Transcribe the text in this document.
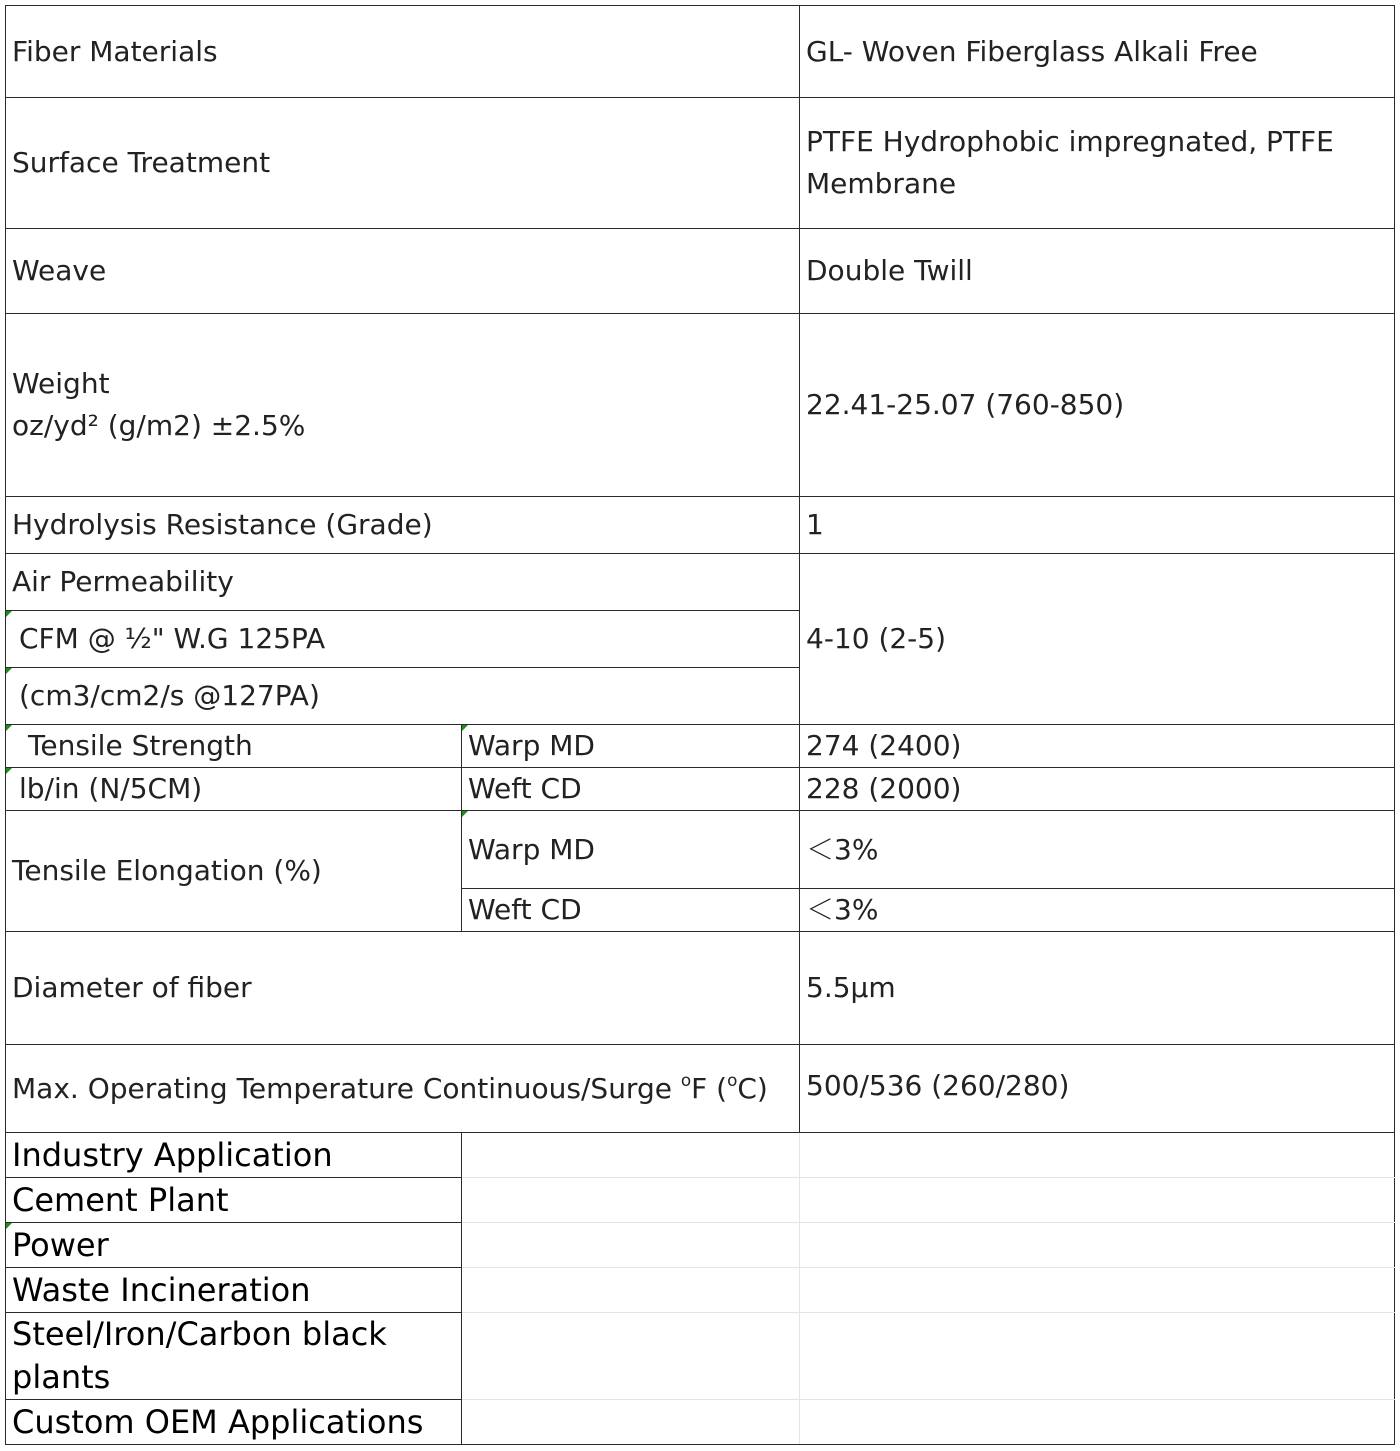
Fiber Materials		GL- Woven Fiberglass Alkali Free
Surface Treatment		PTFE Hydrophobic impregnated, PTFE
Membrane
Weave		Double Twill
Weight
oz/yd² (g/m2) ±2.5%		22.41-25.07 (760-850)
Hydrolysis Resistance (Grade)		1
Air Permeability		4-10 (2-5)
CFM @ ½" W.G 125PA		
(cm3/cm2/s @127PA)		
Tensile Strength	Warp MD	274 (2400)
lb/in (N/5CM)	Weft CD	228 (2000)
Tensile Elongation (%)	Warp MD	＜3%
	Weft CD	＜3%
Diameter of fiber		5.5μm
Max. Operating Temperature Continuous/Surge $^o$F ($^o$C)		500/536 (260/280)
Industry Application		
Cement Plant		
Power		
Waste Incineration		
Steel/Iron/Carbon black
plants		
Custom OEM Applications		
